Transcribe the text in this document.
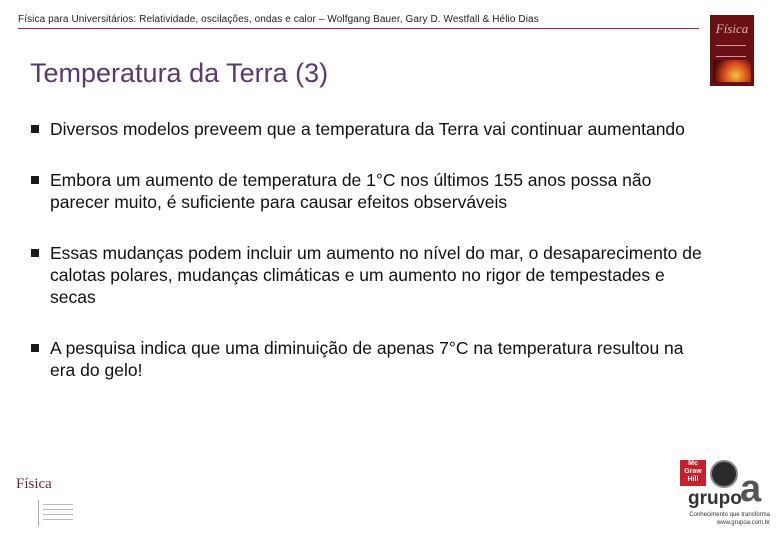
Física para Universitários: Relatividade, oscilações, ondas e calor – Wolfgang Bauer, Gary D. Westfall & Hélio Dias
Física
Temperatura da Terra (3)
Diversos modelos preveem que a temperatura da Terra vai continuar aumentando
Embora um aumento de temperatura de 1°C nos últimos 155 anos possa não parecer muito, é suficiente para causar efeitos observáveis
Essas mudanças podem incluir um aumento no nível do mar, o desaparecimento de calotas polares, mudanças climáticas e um aumento no rigor de tempestades e secas
A pesquisa indica que uma diminuição de apenas 7°C na temperatura resultou na era do gelo!
Física
Mc Graw Hill a
grupo
Conhecimento que transforma
www.grupoa.com.br
